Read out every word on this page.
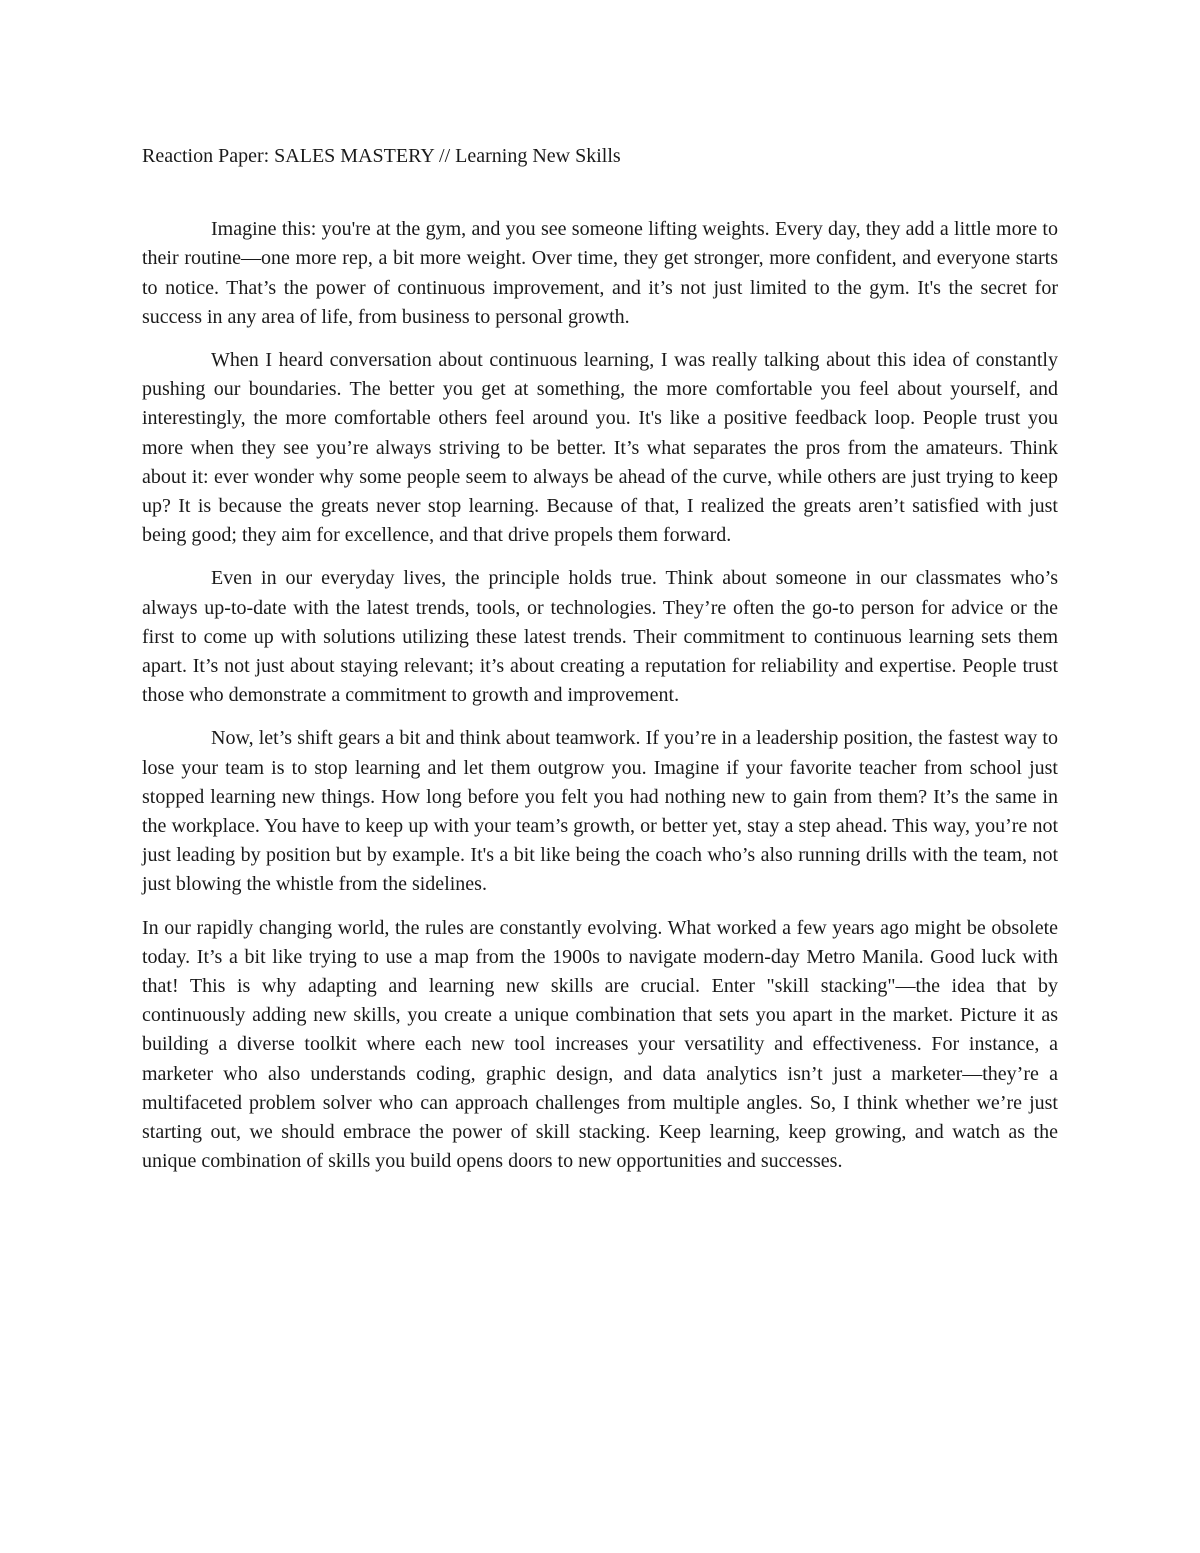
Reaction Paper: SALES MASTERY // Learning New Skills

Imagine this: you're at the gym, and you see someone lifting weights. Every day, they add a little more to their routine—one more rep, a bit more weight. Over time, they get stronger, more confident, and everyone starts to notice. That’s the power of continuous improvement, and it’s not just limited to the gym. It's the secret for success in any area of life, from business to personal growth.

When I heard conversation about continuous learning, I was really talking about this idea of constantly pushing our boundaries. The better you get at something, the more comfortable you feel about yourself, and interestingly, the more comfortable others feel around you. It's like a positive feedback loop. People trust you more when they see you’re always striving to be better. It’s what separates the pros from the amateurs. Think about it: ever wonder why some people seem to always be ahead of the curve, while others are just trying to keep up? It is because the greats never stop learning. Because of that, I realized the greats aren’t satisfied with just being good; they aim for excellence, and that drive propels them forward.

Even in our everyday lives, the principle holds true. Think about someone in our classmates who’s always up-to-date with the latest trends, tools, or technologies. They’re often the go-to person for advice or the first to come up with solutions utilizing these latest trends. Their commitment to continuous learning sets them apart. It’s not just about staying relevant; it’s about creating a reputation for reliability and expertise. People trust those who demonstrate a commitment to growth and improvement.

Now, let’s shift gears a bit and think about teamwork. If you’re in a leadership position, the fastest way to lose your team is to stop learning and let them outgrow you. Imagine if your favorite teacher from school just stopped learning new things. How long before you felt you had nothing new to gain from them? It’s the same in the workplace. You have to keep up with your team’s growth, or better yet, stay a step ahead. This way, you’re not just leading by position but by example. It's a bit like being the coach who’s also running drills with the team, not just blowing the whistle from the sidelines.

In our rapidly changing world, the rules are constantly evolving. What worked a few years ago might be obsolete today. It’s a bit like trying to use a map from the 1900s to navigate modern-day Metro Manila. Good luck with that! This is why adapting and learning new skills are crucial. Enter "skill stacking"—the idea that by continuously adding new skills, you create a unique combination that sets you apart in the market. Picture it as building a diverse toolkit where each new tool increases your versatility and effectiveness. For instance, a marketer who also understands coding, graphic design, and data analytics isn’t just a marketer—they’re a multifaceted problem solver who can approach challenges from multiple angles. So, I think whether we’re just starting out, we should embrace the power of skill stacking. Keep learning, keep growing, and watch as the unique combination of skills you build opens doors to new opportunities and successes.
